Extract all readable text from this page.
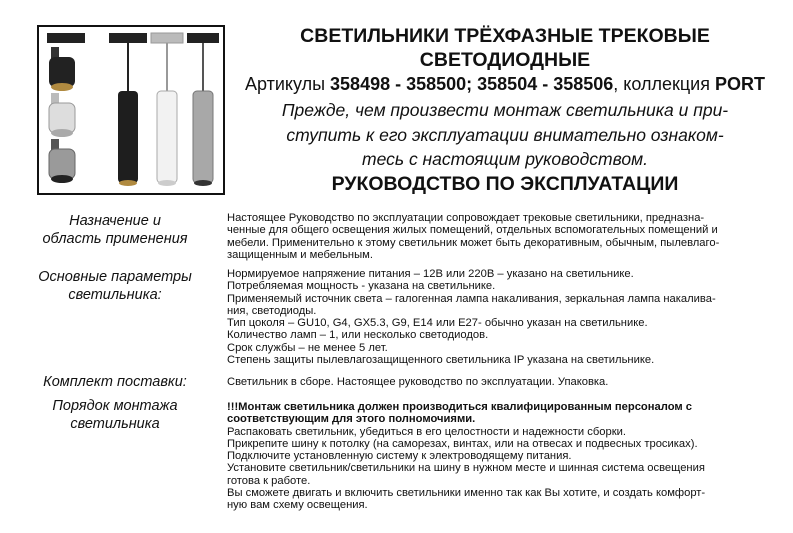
СВЕТИЛЬНИКИ ТРЁХФАЗНЫЕ ТРЕКОВЫЕ
СВЕТОДИОДНЫЕ
Артикулы 358498 - 358500; 358504 - 358506, коллекция PORT
Прежде, чем произвести монтаж светильника и при-
ступить к его эксплуатации внимательно ознаком-
тесь с настоящим руководством.
РУКОВОДСТВО ПО ЭКСПЛУАТАЦИИ
Назначение и
область применения
Настоящее Руководство по эксплуатации сопровождает трековые светильники, предназна-
ченные для общего освещения жилых помещений, отдельных вспомогательных помещений и
мебели. Применительно к этому светильник может быть декоративным, обычным, пылевлаго-
защищенным и мебельным.
Основные параметры
светильника:
Нормируемое напряжение питания – 12В или 220В – указано на светильнике.
Потребляемая мощность - указана на светильнике.
Применяемый источник света – галогенная лампа накаливания, зеркальная лампа накалива-
ния, светодиоды.
Тип цоколя – GU10, G4, GX5.3, G9, E14 или E27- обычно указан на светильнике.
Количество ламп – 1, или несколько светодиодов.
Срок службы – не менее 5 лет.
Степень защиты пылевлагозащищенного светильника IP указана на светильнике.
Комплект поставки:	Светильник в сборе. Настоящее руководство по эксплуатации. Упаковка.
Порядок монтажа
светильника
!!!Монтаж светильника должен производиться квалифицированным персоналом с
соответствующим для этого полномочиями.
Распаковать светильник, убедиться в его целостности и надежности сборки.
Прикрепите шину к потолку (на саморезах, винтах, или на отвесах и подвесных тросиках).
Подключите установленную систему к электроводящему питания.
Установите светильник/светильники на шину в нужном месте и шинная система освещения
готова к работе.
Вы сможете двигать и включить светильники именно так как Вы хотите, и создать комфорт-
ную вам схему освещения.
